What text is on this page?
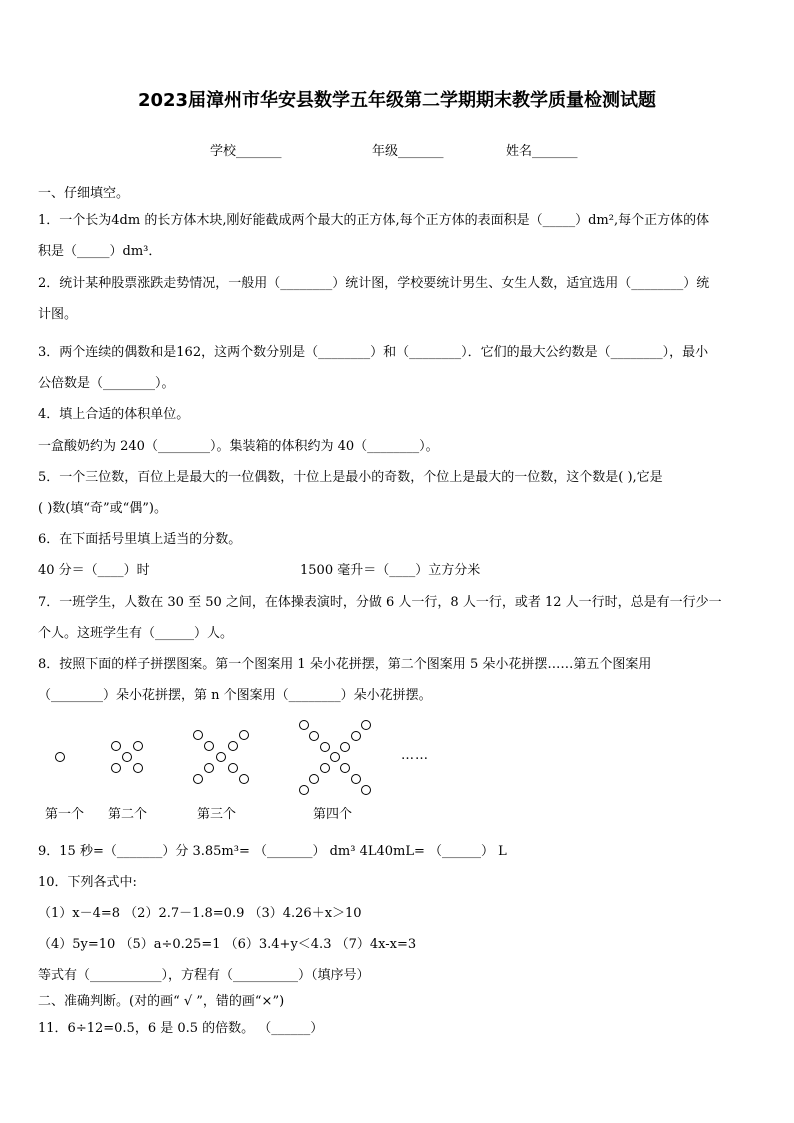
2023届漳州市华安县数学五年级第二学期期末教学质量检测试题
学校_______	年级_______	姓名_______
一、仔细填空。
1．一个长为4dm 的长方体木块,刚好能截成两个最大的正方体,每个正方体的表面积是（_____）dm²,每个正方体的体
积是（_____）dm³．
2．统计某种股票涨跌走势情况，一般用（________）统计图，学校要统计男生、女生人数，适宜选用（________）统
计图。
3．两个连续的偶数和是162，这两个数分别是（________）和（________）．它们的最大公约数是（________），最小
公倍数是（________）。
4．填上合适的体积单位。
一盒酸奶约为 240（________）。集装箱的体积约为 40（________）。
5．一个三位数，百位上是最大的一位偶数，十位上是最小的奇数，个位上是最大的一位数，这个数是( ),它是
( )数(填“奇”或“偶”)。
6．在下面括号里填上适当的分数。
40 分＝（____）时	1500 毫升＝（____）立方分米
7．一班学生，人数在 30 至 50 之间，在体操表演时，分做 6 人一行，8 人一行，或者 12 人一行时，总是有一行少一
个人。这班学生有（______）人。
8．按照下面的样子拼摆图案。第一个图案用 1 朵小花拼摆，第二个图案用 5 朵小花拼摆……第五个图案用
（________）朵小花拼摆，第 n 个图案用（________）朵小花拼摆。
……
第一个 第二个	第三个	第四个
9．15 秒=（_______）分 3.85m³= （_______） dm³ 4L40mL= （______） L
10．下列各式中:
（1）x－4=8 （2）2.7－1.8=0.9 （3）4.26＋x＞10
（4）5y=10 （5）a÷0.25=1 （6）3.4+y＜4.3 （7）4x-x=3
等式有（___________），方程有（__________）（填序号）
二、准确判断。(对的画“ √ ”，错的画“×”)
11．6÷12=0.5，6 是 0.5 的倍数。 （______）
